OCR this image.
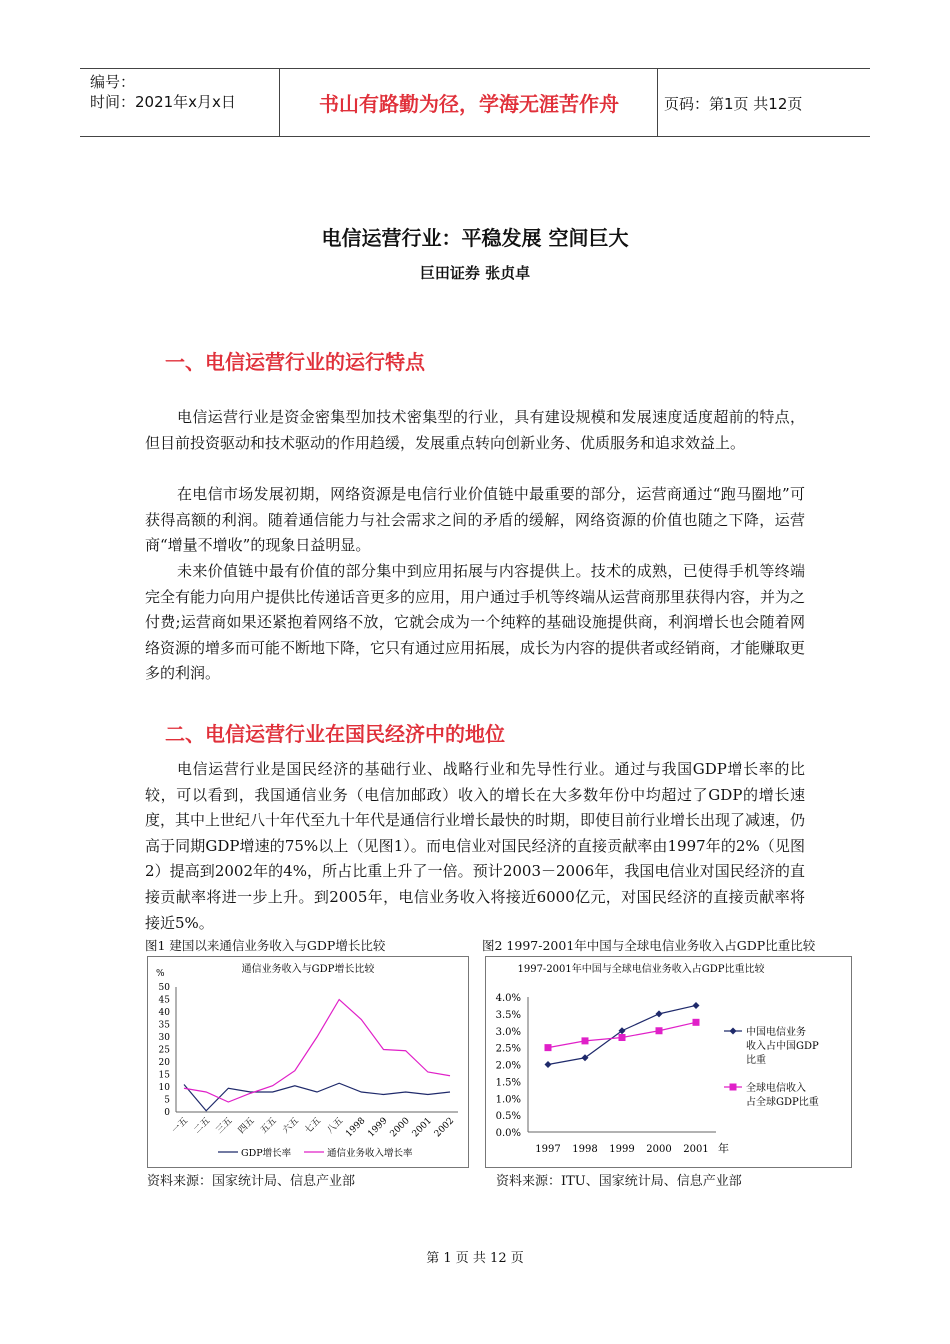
编号：
时间：2021年x月x日	书山有路勤为径，学海无涯苦作舟	页码：第1页 共12页
电信运营行业：平稳发展 空间巨大
巨田证券 张贞卓
一、电信运营行业的运行特点

电信运营行业是资金密集型加技术密集型的行业，具有建设规模和发展速度适度超前的特点，但目前投资驱动和技术驱动的作用趋缓，发展重点转向创新业务、优质服务和追求效益上。

在电信市场发展初期，网络资源是电信行业价值链中最重要的部分，运营商通过“跑马圈地”可获得高额的利润。随着通信能力与社会需求之间的矛盾的缓解，网络资源的价值也随之下降，运营商“增量不增收”的现象日益明显。

未来价值链中最有价值的部分集中到应用拓展与内容提供上。技术的成熟，已使得手机等终端完全有能力向用户提供比传递话音更多的应用，用户通过手机等终端从运营商那里获得内容，并为之付费;运营商如果还紧抱着网络不放，它就会成为一个纯粹的基础设施提供商，利润增长也会随着网络资源的增多而可能不断地下降，它只有通过应用拓展，成长为内容的提供者或经销商，才能赚取更多的利润。

二、电信运营行业在国民经济中的地位

电信运营行业是国民经济的基础行业、战略行业和先导性行业。通过与我国GDP增长率的比较，可以看到，我国通信业务（电信加邮政）收入的增长在大多数年份中均超过了GDP的增长速度，其中上世纪八十年代至九十年代是通信行业增长最快的时期，即使目前行业增长出现了减速，仍高于同期GDP增速的75%以上（见图1）。而电信业对国民经济的直接贡献率由1997年的2%（见图2）提高到2002年的4%，所占比重上升了一倍。预计2003－2006年，我国电信业对国民经济的直接贡献率将进一步上升。到2005年，电信业务收入将接近6000亿元，对国民经济的直接贡献率将接近5%。

图1 建国以来通信业务收入与GDP增长比较	图2 1997-2001年中国与全球电信业务收入占GDP比重比较
通信业务收入与GDP增长比较
%
0
5
10
15
20
25
30
35
40
45
50
一五 二五 三五 四五 五五 六五 七五 八五
1998
1999
2000
2001
2002
GDP增长率	通信业务收入增长率
1997-2001年中国与全球电信业务收入占GDP比重比较
0.0%
0.5%
1.0%
1.5%
2.0%
2.5%
3.0%
3.5%
4.0%
1997 1998 1999 2000 2001 年
中国电信业务
收入占中国GDP
比重
全球电信收入
占全球GDP比重
资料来源：国家统计局、信息产业部	资料来源：ITU、国家统计局、信息产业部
第 1 页 共 12 页
